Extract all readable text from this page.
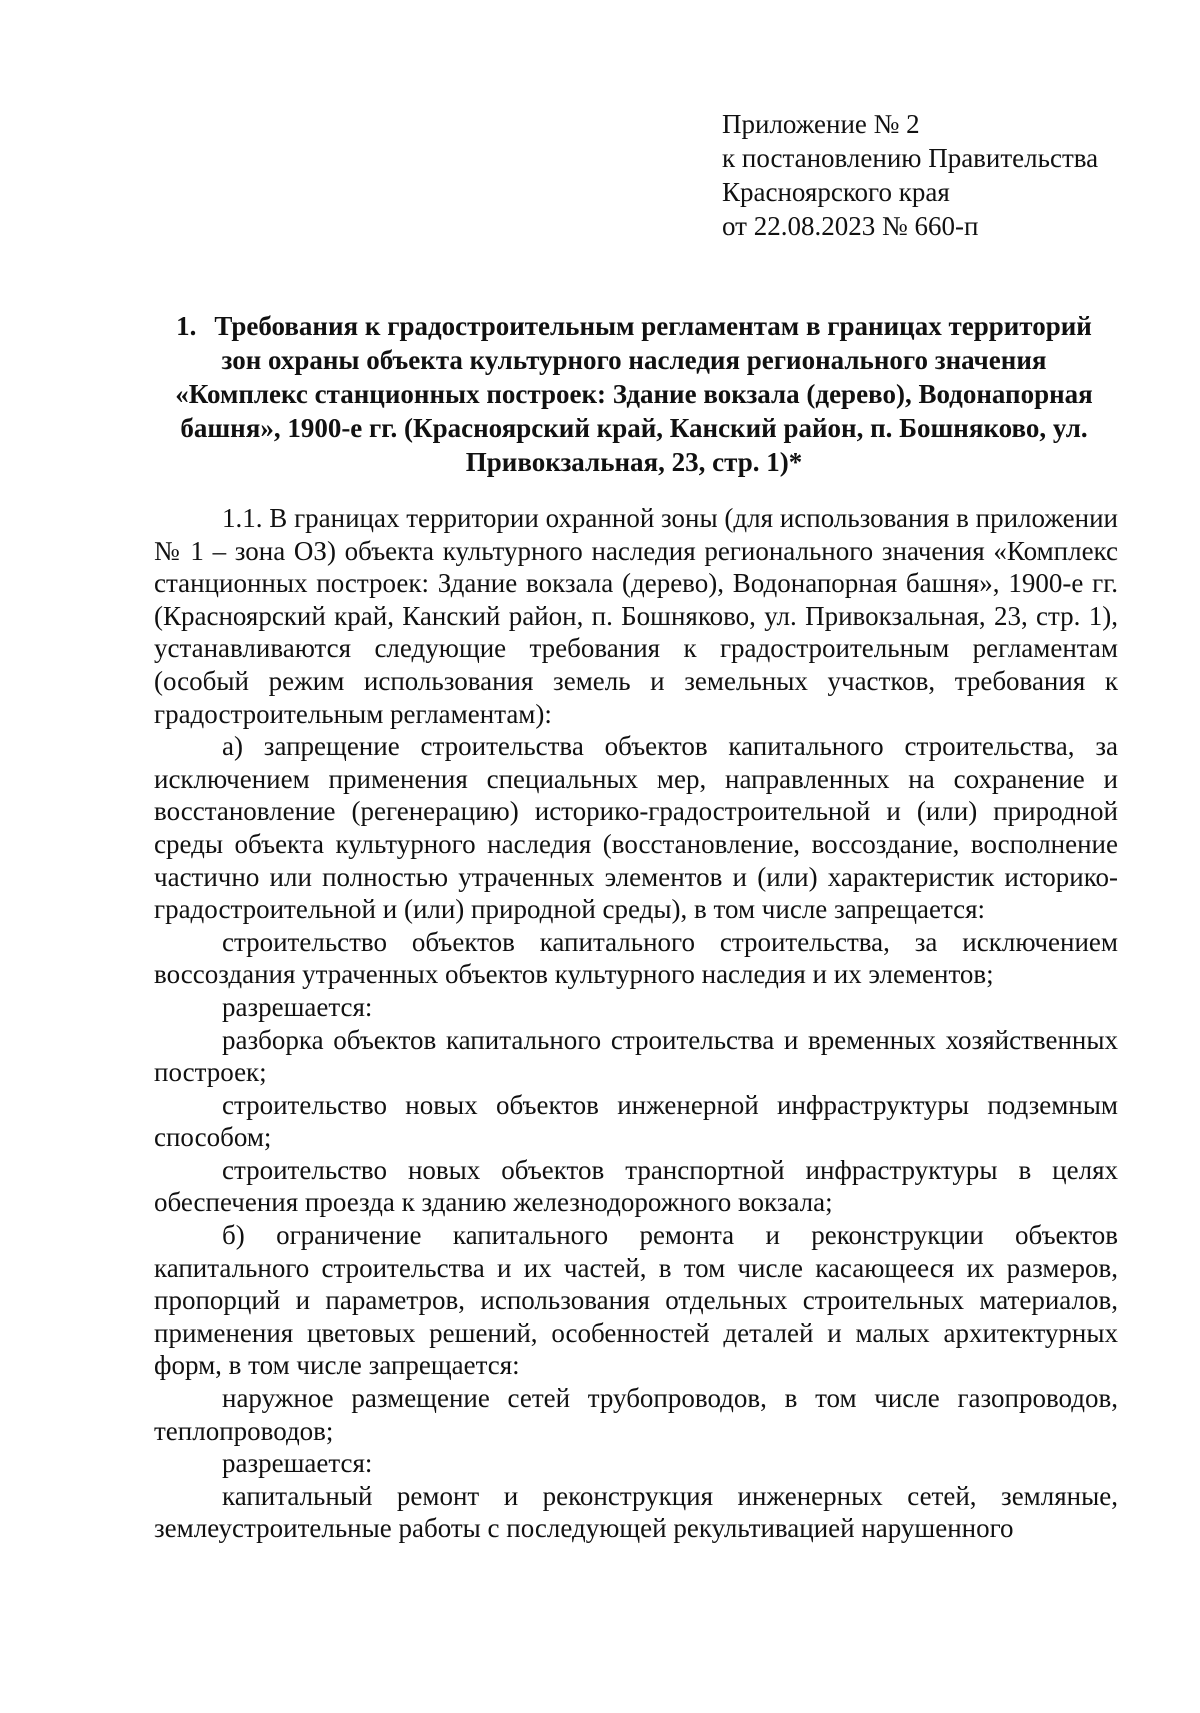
Приложение № 2
к постановлению Правительства
Красноярского края
от 22.08.2023 № 660-п
1. Требования к градостроительным регламентам в границах территорий зон охраны объекта культурного наследия регионального значения «Комплекс станционных построек: Здание вокзала (дерево), Водонапорная башня», 1900-е гг. (Красноярский край, Канский район, п. Бошняково, ул. Привокзальная, 23, стр. 1)*

1.1. В границах территории охранной зоны (для использования в приложении № 1 – зона ОЗ) объекта культурного наследия регионального значения «Комплекс станционных построек: Здание вокзала (дерево), Водонапорная башня», 1900-е гг. (Красноярский край, Канский район, п. Бошняково, ул. Привокзальная, 23, стр. 1), устанавливаются следующие требования к градостроительным регламентам (особый режим использования земель и земельных участков, требования к градостроительным регламентам):

а) запрещение строительства объектов капитального строительства, за исключением применения специальных мер, направленных на сохранение и восстановление (регенерацию) историко-градостроительной и (или) природной среды объекта культурного наследия (восстановление, воссоздание, восполнение частично или полностью утраченных элементов и (или) характеристик историко-градостроительной и (или) природной среды), в том числе запрещается:

строительство объектов капитального строительства, за исключением воссоздания утраченных объектов культурного наследия и их элементов;

разрешается:

разборка объектов капитального строительства и временных хозяйственных построек;

строительство новых объектов инженерной инфраструктуры подземным способом;

строительство новых объектов транспортной инфраструктуры в целях обеспечения проезда к зданию железнодорожного вокзала;

б) ограничение капитального ремонта и реконструкции объектов капитального строительства и их частей, в том числе касающееся их размеров, пропорций и параметров, использования отдельных строительных материалов, применения цветовых решений, особенностей деталей и малых архитектурных форм, в том числе запрещается:

наружное размещение сетей трубопроводов, в том числе газопроводов, теплопроводов;

разрешается:

капитальный ремонт и реконструкция инженерных сетей, земляные, землеустроительные работы с последующей рекультивацией нарушенного
